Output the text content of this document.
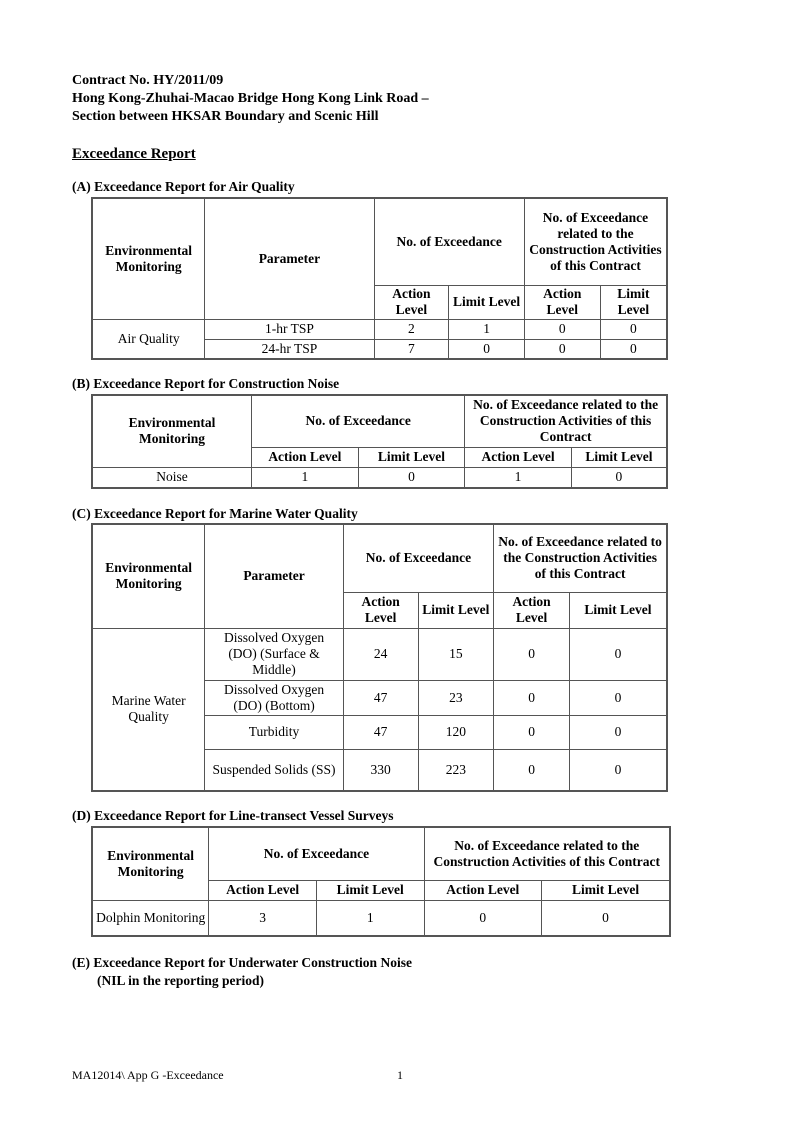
Contract No. HY/2011/09
Hong Kong-Zhuhai-Macao Bridge Hong Kong Link Road –
Section between HKSAR Boundary and Scenic Hill
Exceedance Report
(A) Exceedance Report for Air Quality
Environmental Monitoring	Parameter	No. of Exceedance		No. of Exceedance related to the Construction Activities of this Contract	
		Action Level	Limit Level	Action Level	Limit Level
Air Quality	1-hr TSP	2	1	0	0
	24-hr TSP	7	0	0	0
(B) Exceedance Report for Construction Noise
Environmental Monitoring	No. of Exceedance		No. of Exceedance related to the Construction Activities of this Contract	
	Action Level	Limit Level	Action Level	Limit Level
Noise	1	0	1	0
(C) Exceedance Report for Marine Water Quality
Environmental Monitoring	Parameter	No. of Exceedance		No. of Exceedance related to the Construction Activities of this Contract	
		Action Level	Limit Level	Action Level	Limit Level
Marine Water Quality	Dissolved Oxygen (DO) (Surface & Middle)	24	15	0	0
	Dissolved Oxygen (DO) (Bottom)	47	23	0	0
	Turbidity	47	120	0	0
	Suspended Solids (SS)	330	223	0	0
(D) Exceedance Report for Line-transect Vessel Surveys
Environmental Monitoring	No. of Exceedance		No. of Exceedance related to the Construction Activities of this Contract	
	Action Level	Limit Level	Action Level	Limit Level
Dolphin Monitoring	3	1	0	0
(E) Exceedance Report for Underwater Construction Noise
(NIL in the reporting period)
MA12014\ App G -Exceedance	1
